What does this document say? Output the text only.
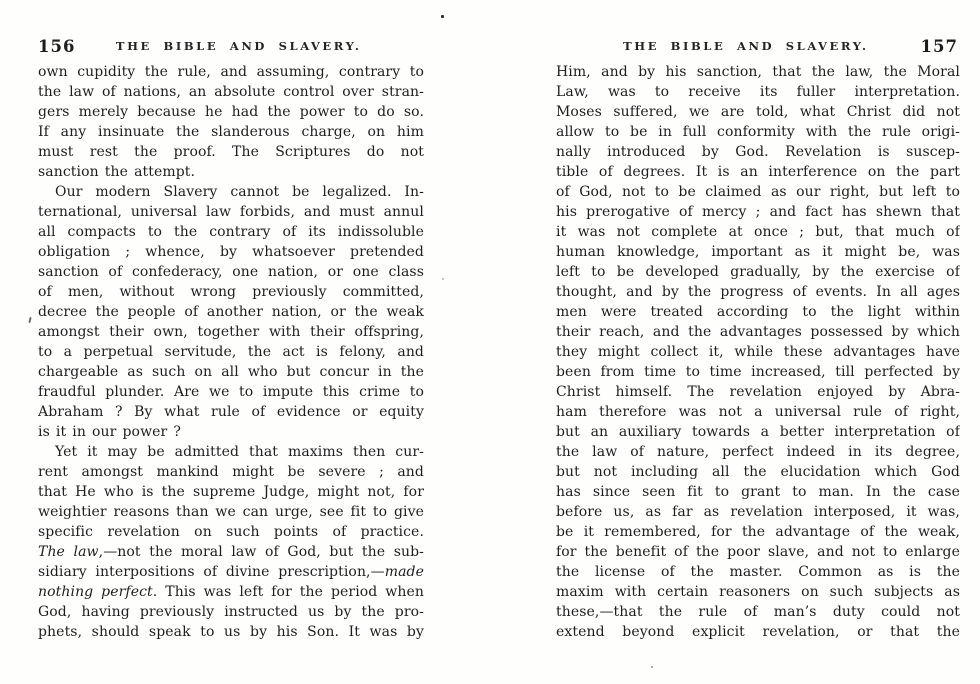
156	THE BIBLE AND SLAVERY.
own cupidity the rule, and assuming, contrary to
the law of nations, an absolute control over stran-
gers merely because he had the power to do so.
If any insinuate the slanderous charge, on him
must rest the proof. The Scriptures do not
sanction the attempt.
Our modern Slavery cannot be legalized. In-
ternational, universal law forbids, and must annul
all compacts to the contrary of its indissoluble
obligation ; whence, by whatsoever pretended
sanction of confederacy, one nation, or one class
of men, without wrong previously committed,
decree the people of another nation, or the weak
amongst their own, together with their offspring,
to a perpetual servitude, the act is felony, and
chargeable as such on all who but concur in the
fraudful plunder. Are we to impute this crime to
Abraham ? By what rule of evidence or equity
is it in our power ?
Yet it may be admitted that maxims then cur-
rent amongst mankind might be severe ; and
that He who is the supreme Judge, might not, for
weightier reasons than we can urge, see fit to give
specific revelation on such points of practice.
The law,—not the moral law of God, but the sub-
sidiary interpositions of divine prescription,—made
nothing perfect. This was left for the period when
God, having previously instructed us by the pro-
phets, should speak to us by his Son. It was by
THE BIBLE AND SLAVERY.	157
Him, and by his sanction, that the law, the Moral
Law, was to receive its fuller interpretation.
Moses suffered, we are told, what Christ did not
allow to be in full conformity with the rule origi-
nally introduced by God. Revelation is suscep-
tible of degrees. It is an interference on the part
of God, not to be claimed as our right, but left to
his prerogative of mercy ; and fact has shewn that
it was not complete at once ; but, that much of
human knowledge, important as it might be, was
left to be developed gradually, by the exercise of
thought, and by the progress of events. In all ages
men were treated according to the light within
their reach, and the advantages possessed by which
they might collect it, while these advantages have
been from time to time increased, till perfected by
Christ himself. The revelation enjoyed by Abra-
ham therefore was not a universal rule of right,
but an auxiliary towards a better interpretation of
the law of nature, perfect indeed in its degree,
but not including all the elucidation which God
has since seen fit to grant to man. In the case
before us, as far as revelation interposed, it was,
be it remembered, for the advantage of the weak,
for the benefit of the poor slave, and not to enlarge
the license of the master. Common as is the
maxim with certain reasoners on such subjects as
these,—that the rule of man’s duty could not
extend beyond explicit revelation, or that the
